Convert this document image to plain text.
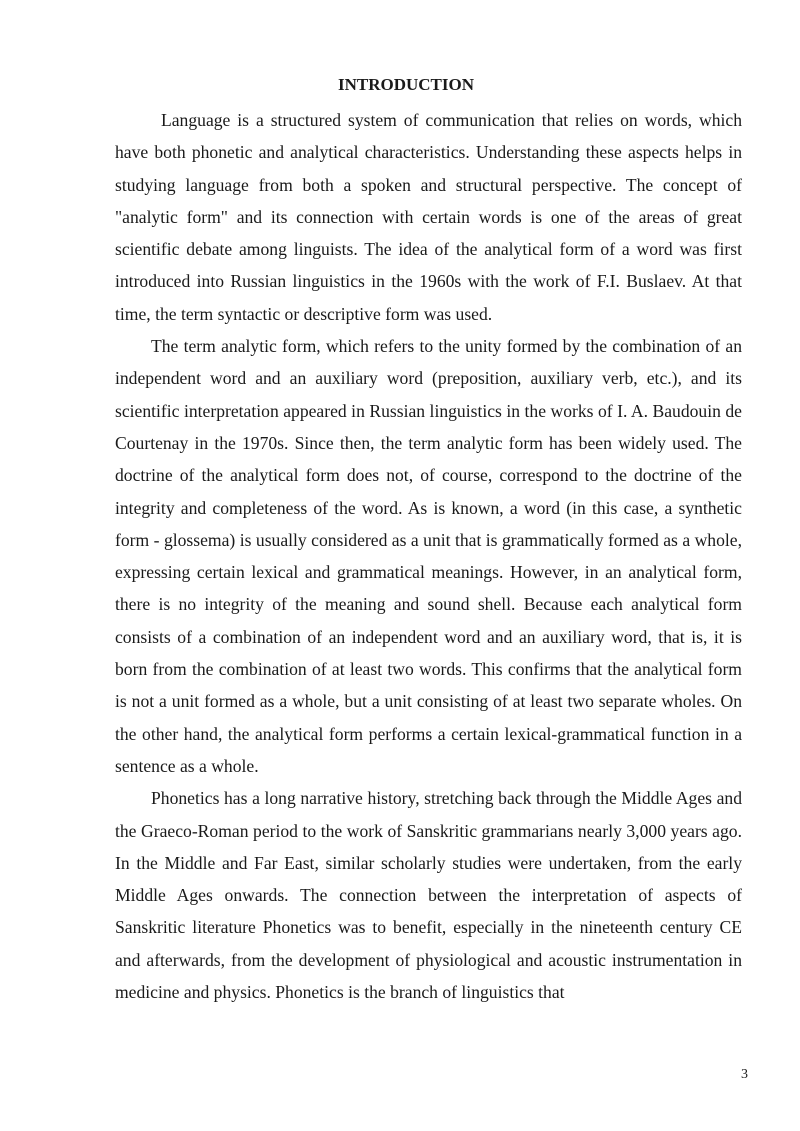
INTRODUCTION

Language is a structured system of communication that relies on words, which have both phonetic and analytical characteristics. Understanding these aspects helps in studying language from both a spoken and structural perspective. The concept of "analytic form" and its connection with certain words is one of the areas of great scientific debate among linguists. The idea of the analytical form of a word was first introduced into Russian linguistics in the 1960s with the work of F.I. Buslaev. At that time, the term syntactic or descriptive form was used.

The term analytic form, which refers to the unity formed by the combination of an independent word and an auxiliary word (preposition, auxiliary verb, etc.), and its scientific interpretation appeared in Russian linguistics in the works of I. A. Baudouin de Courtenay in the 1970s. Since then, the term analytic form has been widely used. The doctrine of the analytical form does not, of course, correspond to the doctrine of the integrity and completeness of the word. As is known, a word (in this case, a synthetic form - glossema) is usually considered as a unit that is grammatically formed as a whole, expressing certain lexical and grammatical meanings. However, in an analytical form, there is no integrity of the meaning and sound shell. Because each analytical form consists of a combination of an independent word and an auxiliary word, that is, it is born from the combination of at least two words. This confirms that the analytical form is not a unit formed as a whole, but a unit consisting of at least two separate wholes. On the other hand, the analytical form performs a certain lexical-grammatical function in a sentence as a whole.

Phonetics has a long narrative history, stretching back through the Middle Ages and the Graeco-Roman period to the work of Sanskritic grammarians nearly 3,000 years ago. In the Middle and Far East, similar scholarly studies were undertaken, from the early Middle Ages onwards. The connection between the interpretation of aspects of Sanskritic literature Phonetics was to benefit, especially in the nineteenth century CE and afterwards, from the development of physiological and acoustic instrumentation in medicine and physics. Phonetics is the branch of linguistics that

3
